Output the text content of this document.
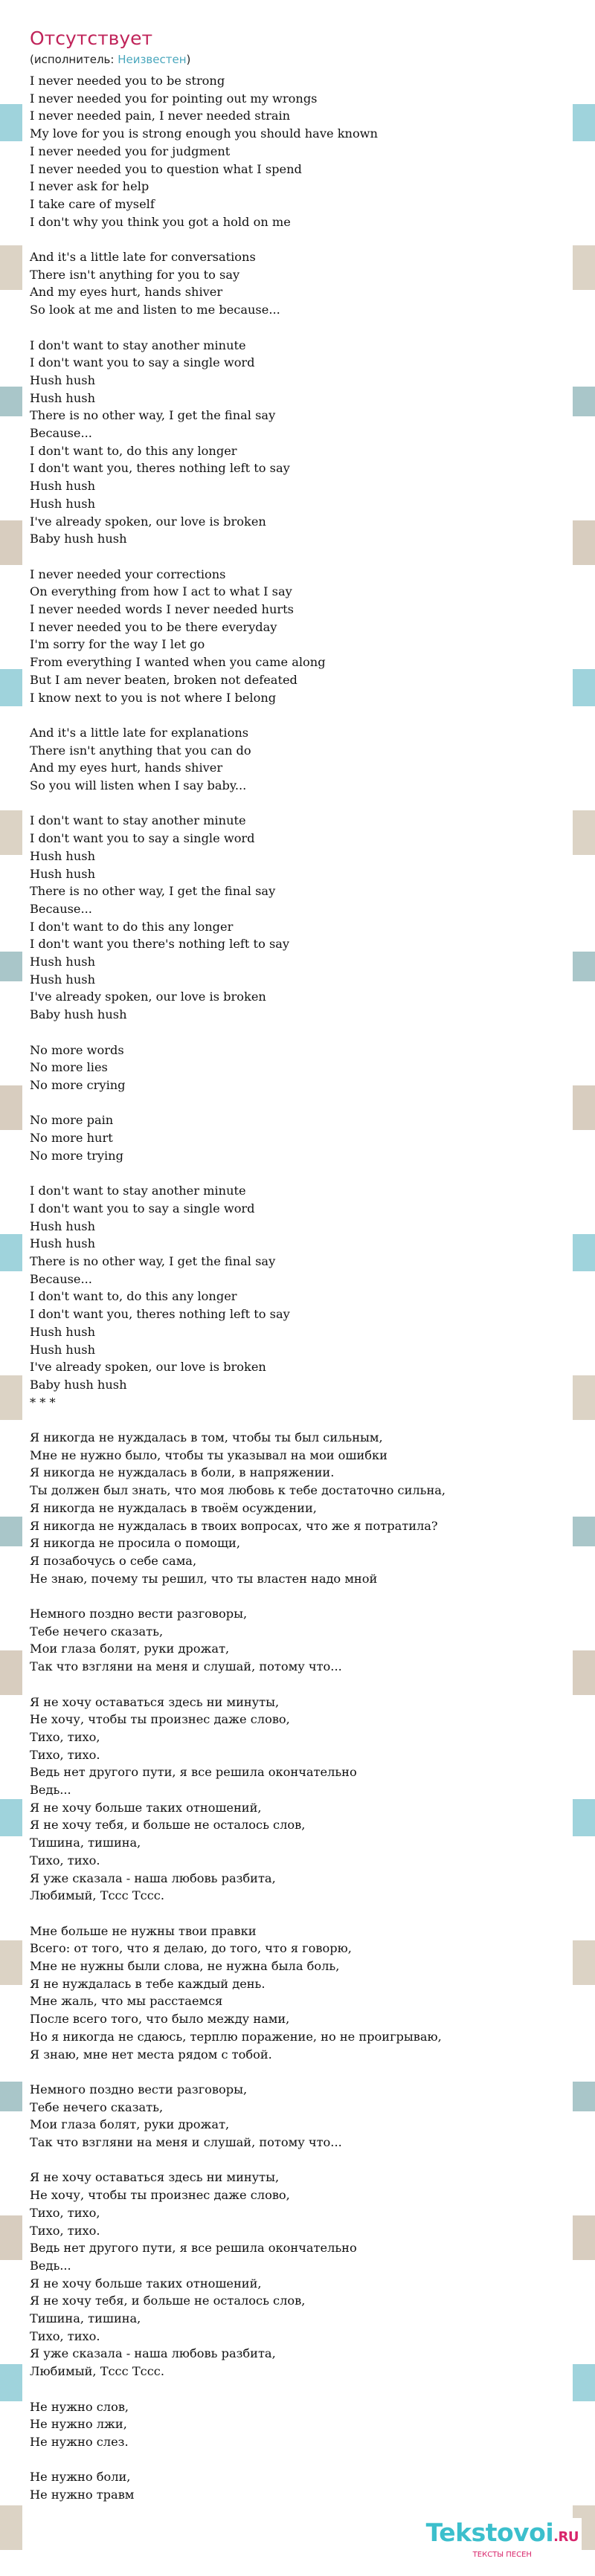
Отсутствует
(исполнитель: Неизвестен)
I never needed you to be strong
I never needed you for pointing out my wrongs
I never needed pain, I never needed strain
My love for you is strong enough you should have known
I never needed you for judgment
I never needed you to question what I spend
I never ask for help
I take care of myself
I don't why you think you got a hold on me
And it's a little late for conversations
There isn't anything for you to say
And my eyes hurt, hands shiver
So look at me and listen to me because...
I don't want to stay another minute
I don't want you to say a single word
Hush hush
Hush hush
There is no other way, I get the final say
Because...
I don't want to, do this any longer
I don't want you, theres nothing left to say
Hush hush
Hush hush
I've already spoken, our love is broken
Baby hush hush
I never needed your corrections
On everything from how I act to what I say
I never needed words I never needed hurts
I never needed you to be there everyday
I'm sorry for the way I let go
From everything I wanted when you came along
But I am never beaten, broken not defeated
I know next to you is not where I belong
And it's a little late for explanations
There isn't anything that you can do
And my eyes hurt, hands shiver
So you will listen when I say baby...
I don't want to stay another minute
I don't want you to say a single word
Hush hush
Hush hush
There is no other way, I get the final say
Because...
I don't want to do this any longer
I don't want you there's nothing left to say
Hush hush
Hush hush
I've already spoken, our love is broken
Baby hush hush
No more words
No more lies
No more crying
No more pain
No more hurt
No more trying
I don't want to stay another minute
I don't want you to say a single word
Hush hush
Hush hush
There is no other way, I get the final say
Because...
I don't want to, do this any longer
I don't want you, theres nothing left to say
Hush hush
Hush hush
I've already spoken, our love is broken
Baby hush hush
* * *
Я никогда не нуждалась в том, чтобы ты был сильным,
Мне не нужно было, чтобы ты указывал на мои ошибки
Я никогда не нуждалась в боли, в напряжении.
Ты должен был знать, что моя любовь к тебе достаточно сильна,
Я никогда не нуждалась в твоём осуждении,
Я никогда не нуждалась в твоих вопросах, что же я потратила?
Я никогда не просила о помощи,
Я позабочусь о себе сама,
Не знаю, почему ты решил, что ты властен надо мной
Немного поздно вести разговоры,
Тебе нечего сказать,
Мои глаза болят, руки дрожат,
Так что взгляни на меня и слушай, потому что...
Я не хочу оставаться здесь ни минуты,
Не хочу, чтобы ты произнес даже слово,
Тихо, тихо,
Тихо, тихо.
Ведь нет другого пути, я все решила окончательно
Ведь...
Я не хочу больше таких отношений,
Я не хочу тебя, и больше не осталось слов,
Тишина, тишина,
Тихо, тихо.
Я уже сказала - наша любовь разбита,
Любимый, Тссс Тссс.
Мне больше не нужны твои правки
Всего: от того, что я делаю, до того, что я говорю,
Мне не нужны были слова, не нужна была боль,
Я не нуждалась в тебе каждый день.
Мне жаль, что мы расстаемся
После всего того, что было между нами,
Но я никогда не сдаюсь, терплю поражение, но не проигрываю,
Я знаю, мне нет места рядом с тобой.
Немного поздно вести разговоры,
Тебе нечего сказать,
Мои глаза болят, руки дрожат,
Так что взгляни на меня и слушай, потому что...
Я не хочу оставаться здесь ни минуты,
Не хочу, чтобы ты произнес даже слово,
Тихо, тихо,
Тихо, тихо.
Ведь нет другого пути, я все решила окончательно
Ведь...
Я не хочу больше таких отношений,
Я не хочу тебя, и больше не осталось слов,
Тишина, тишина,
Тихо, тихо.
Я уже сказала - наша любовь разбита,
Любимый, Тссс Тссс.
Не нужно слов,
Не нужно лжи,
Не нужно слез.
Не нужно боли,
Не нужно травм
Tekstovoi.RU
ТЕКСТЫ ПЕСЕН
